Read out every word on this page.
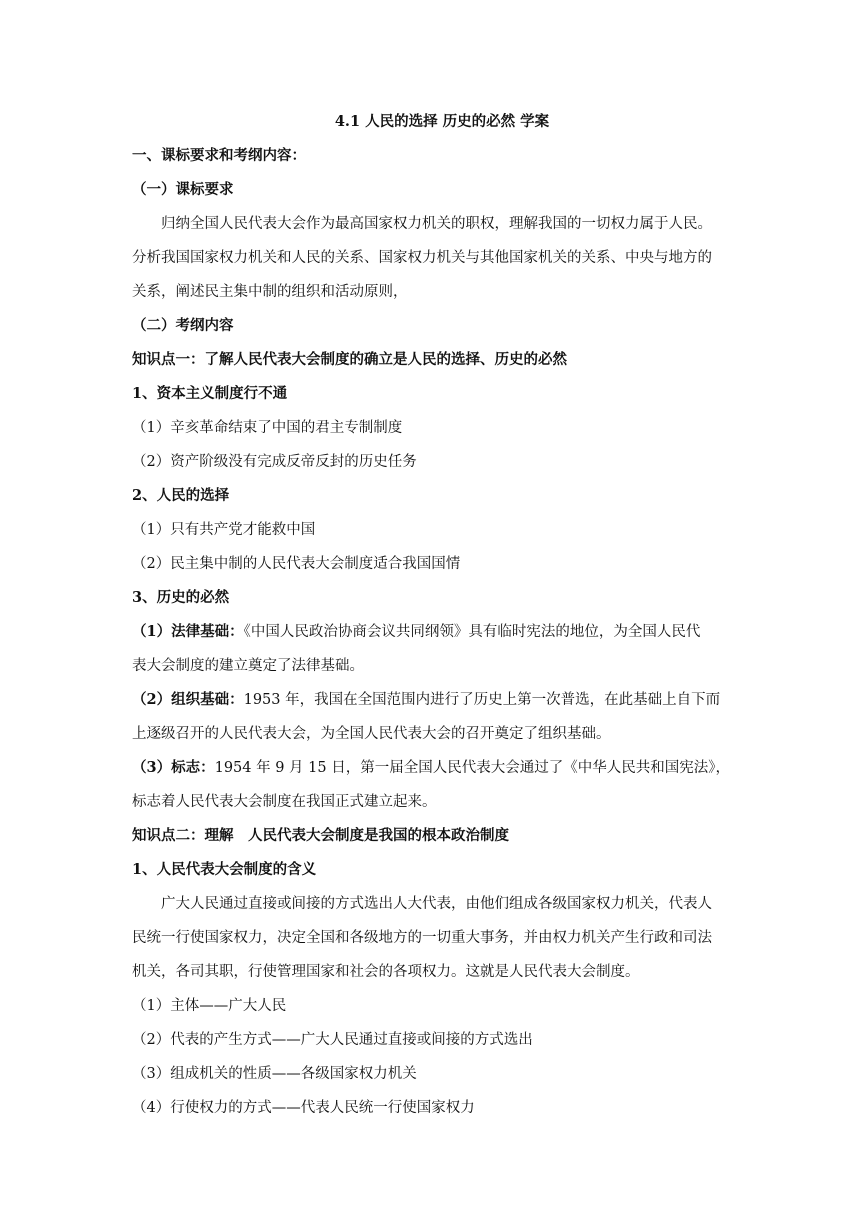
4.1 人民的选择 历史的必然 学案
一、课标要求和考纲内容：
（一）课标要求
归纳全国人民代表大会作为最高国家权力机关的职权，理解我国的一切权力属于人民。
分析我国国家权力机关和人民的关系、国家权力机关与其他国家机关的关系、中央与地方的
关系，阐述民主集中制的组织和活动原则，
（二）考纲内容
知识点一：了解人民代表大会制度的确立是人民的选择、历史的必然
1、资本主义制度行不通
（1）辛亥革命结束了中国的君主专制制度
（2）资产阶级没有完成反帝反封的历史任务
2、人民的选择
（1）只有共产党才能救中国
（2）民主集中制的人民代表大会制度适合我国国情
3、历史的必然
（1）法律基础：《中国人民政治协商会议共同纲领》具有临时宪法的地位，为全国人民代
表大会制度的建立奠定了法律基础。
（2）组织基础：1953 年，我国在全国范围内进行了历史上第一次普选，在此基础上自下而
上逐级召开的人民代表大会，为全国人民代表大会的召开奠定了组织基础。
（3）标志：1954 年 9 月 15 日，第一届全国人民代表大会通过了《中华人民共和国宪法》，
标志着人民代表大会制度在我国正式建立起来。
知识点二：理解　人民代表大会制度是我国的根本政治制度
1、人民代表大会制度的含义
广大人民通过直接或间接的方式选出人大代表，由他们组成各级国家权力机关，代表人
民统一行使国家权力，决定全国和各级地方的一切重大事务，并由权力机关产生行政和司法
机关，各司其职，行使管理国家和社会的各项权力。这就是人民代表大会制度。
（1）主体——广大人民
（2）代表的产生方式——广大人民通过直接或间接的方式选出
（3）组成机关的性质——各级国家权力机关
（4）行使权力的方式——代表人民统一行使国家权力
